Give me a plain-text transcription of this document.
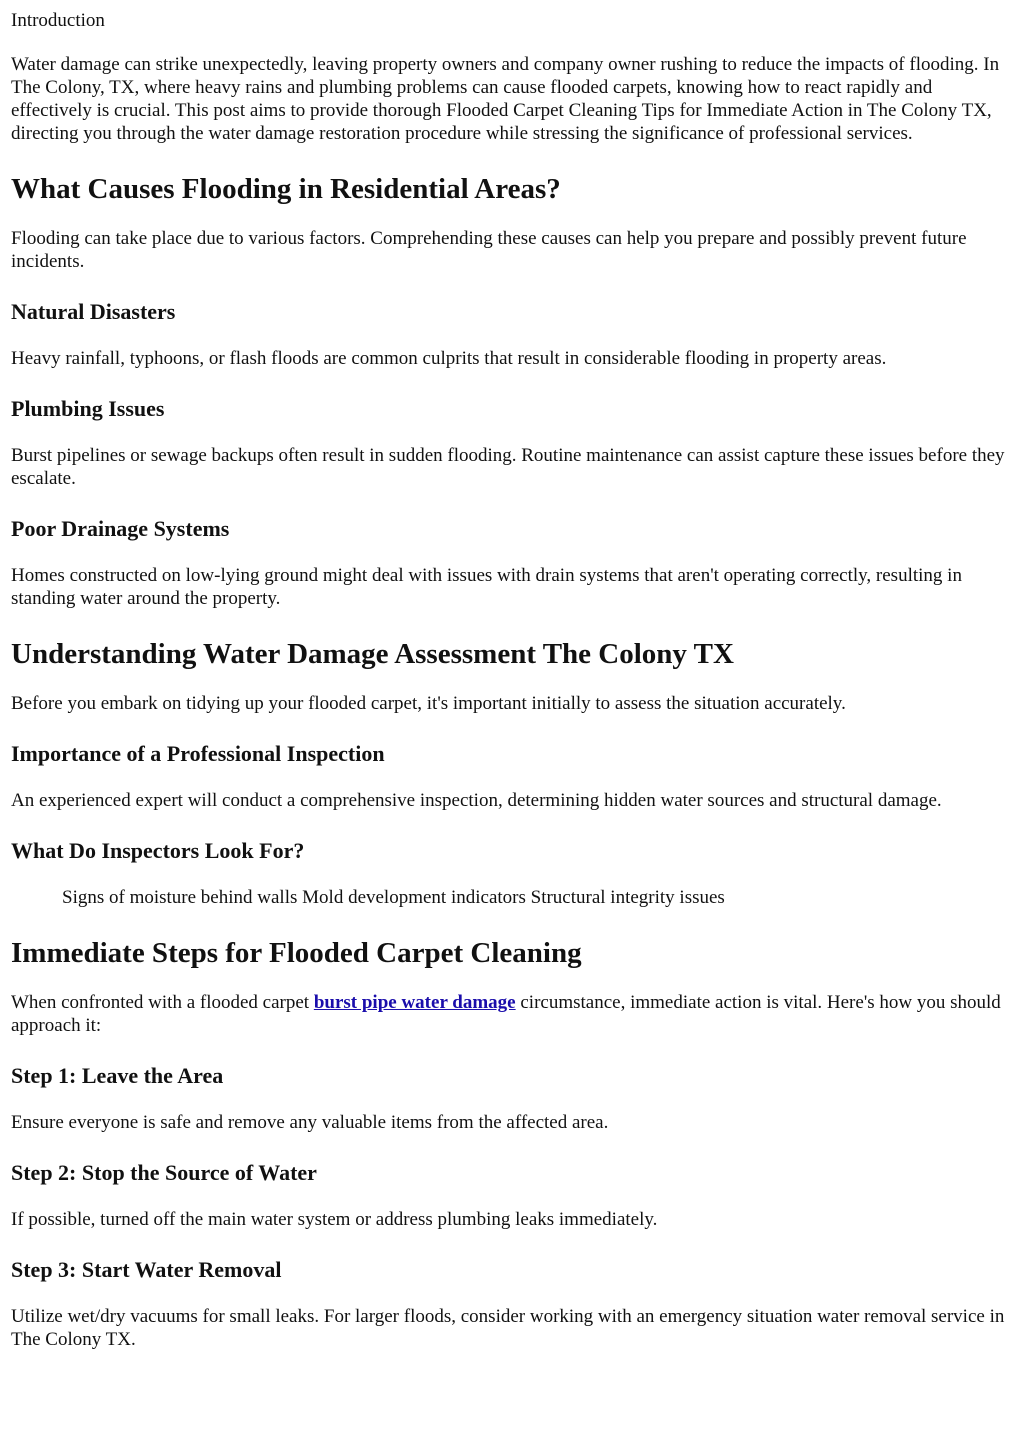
Introduction

Water damage can strike unexpectedly, leaving property owners and company owner rushing to reduce the impacts of flooding. In The Colony, TX, where heavy rains and plumbing problems can cause flooded carpets, knowing how to react rapidly and effectively is crucial. This post aims to provide thorough Flooded Carpet Cleaning Tips for Immediate Action in The Colony TX, directing you through the water damage restoration procedure while stressing the significance of professional services.

What Causes Flooding in Residential Areas?

Flooding can take place due to various factors. Comprehending these causes can help you prepare and possibly prevent future incidents.

Natural Disasters

Heavy rainfall, typhoons, or flash floods are common culprits that result in considerable flooding in property areas.

Plumbing Issues

Burst pipelines or sewage backups often result in sudden flooding. Routine maintenance can assist capture these issues before they escalate.

Poor Drainage Systems

Homes constructed on low-lying ground might deal with issues with drain systems that aren't operating correctly, resulting in standing water around the property.

Understanding Water Damage Assessment The Colony TX

Before you embark on tidying up your flooded carpet, it's important initially to assess the situation accurately.

Importance of a Professional Inspection

An experienced expert will conduct a comprehensive inspection, determining hidden water sources and structural damage.

What Do Inspectors Look For?
Signs of moisture behind walls Mold development indicators Structural integrity issues
Immediate Steps for Flooded Carpet Cleaning

When confronted with a flooded carpet burst pipe water damage circumstance, immediate action is vital. Here's how you should approach it:

Step 1: Leave the Area

Ensure everyone is safe and remove any valuable items from the affected area.

Step 2: Stop the Source of Water

If possible, turned off the main water system or address plumbing leaks immediately.

Step 3: Start Water Removal

Utilize wet/dry vacuums for small leaks. For larger floods, consider working with an emergency situation water removal service in The Colony TX.
